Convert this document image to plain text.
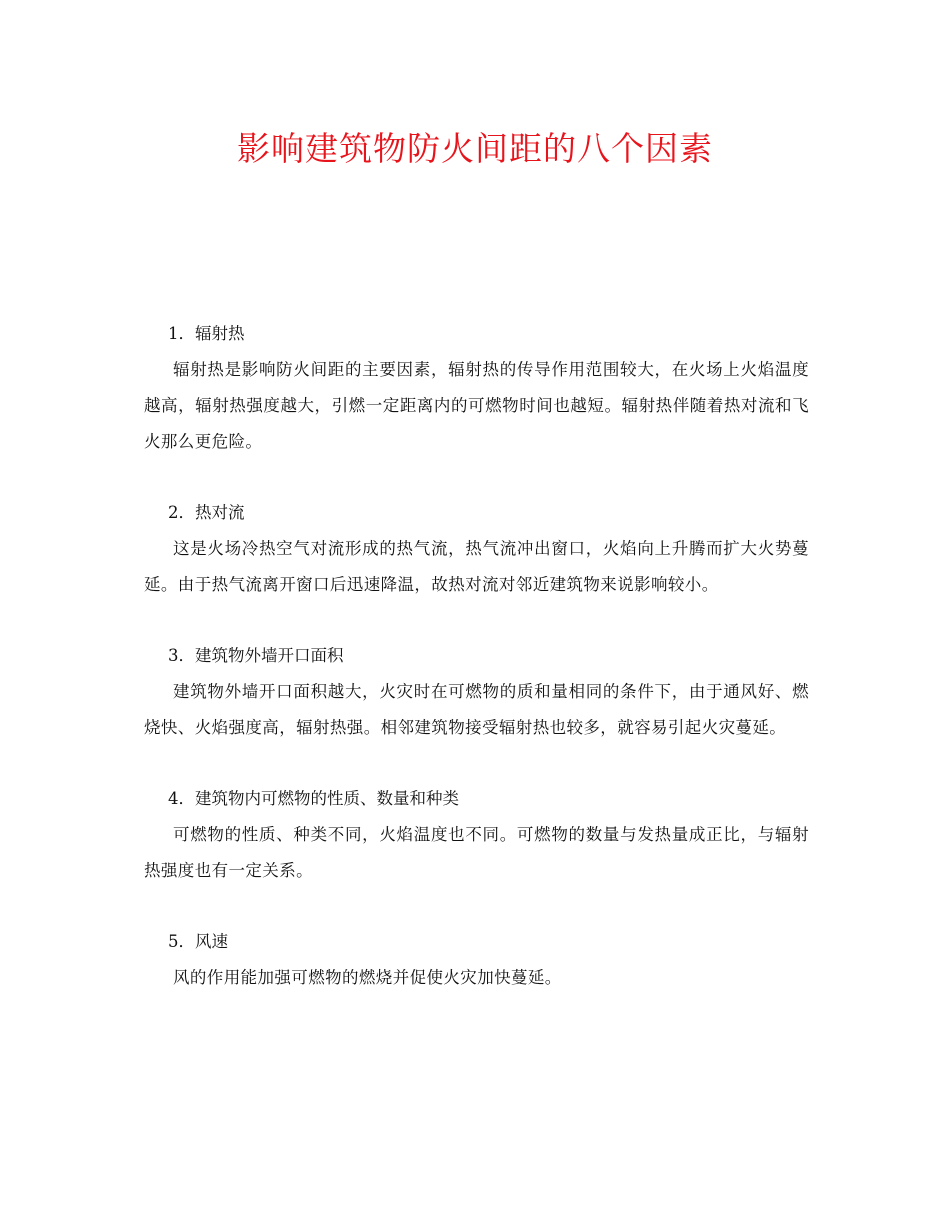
影响建筑物防火间距的八个因素

1．辐射热

辐射热是影响防火间距的主要因素，辐射热的传导作用范围较大，在火场上火焰温度越高，辐射热强度越大，引燃一定距离内的可燃物时间也越短。辐射热伴随着热对流和飞火那么更危险。

2．热对流

这是火场冷热空气对流形成的热气流，热气流冲出窗口，火焰向上升腾而扩大火势蔓延。由于热气流离开窗口后迅速降温，故热对流对邻近建筑物来说影响较小。

3．建筑物外墙开口面积

建筑物外墙开口面积越大，火灾时在可燃物的质和量相同的条件下，由于通风好、燃烧快、火焰强度高，辐射热强。相邻建筑物接受辐射热也较多，就容易引起火灾蔓延。

4．建筑物内可燃物的性质、数量和种类

可燃物的性质、种类不同，火焰温度也不同。可燃物的数量与发热量成正比，与辐射热强度也有一定关系。

5．风速

风的作用能加强可燃物的燃烧并促使火灾加快蔓延。
